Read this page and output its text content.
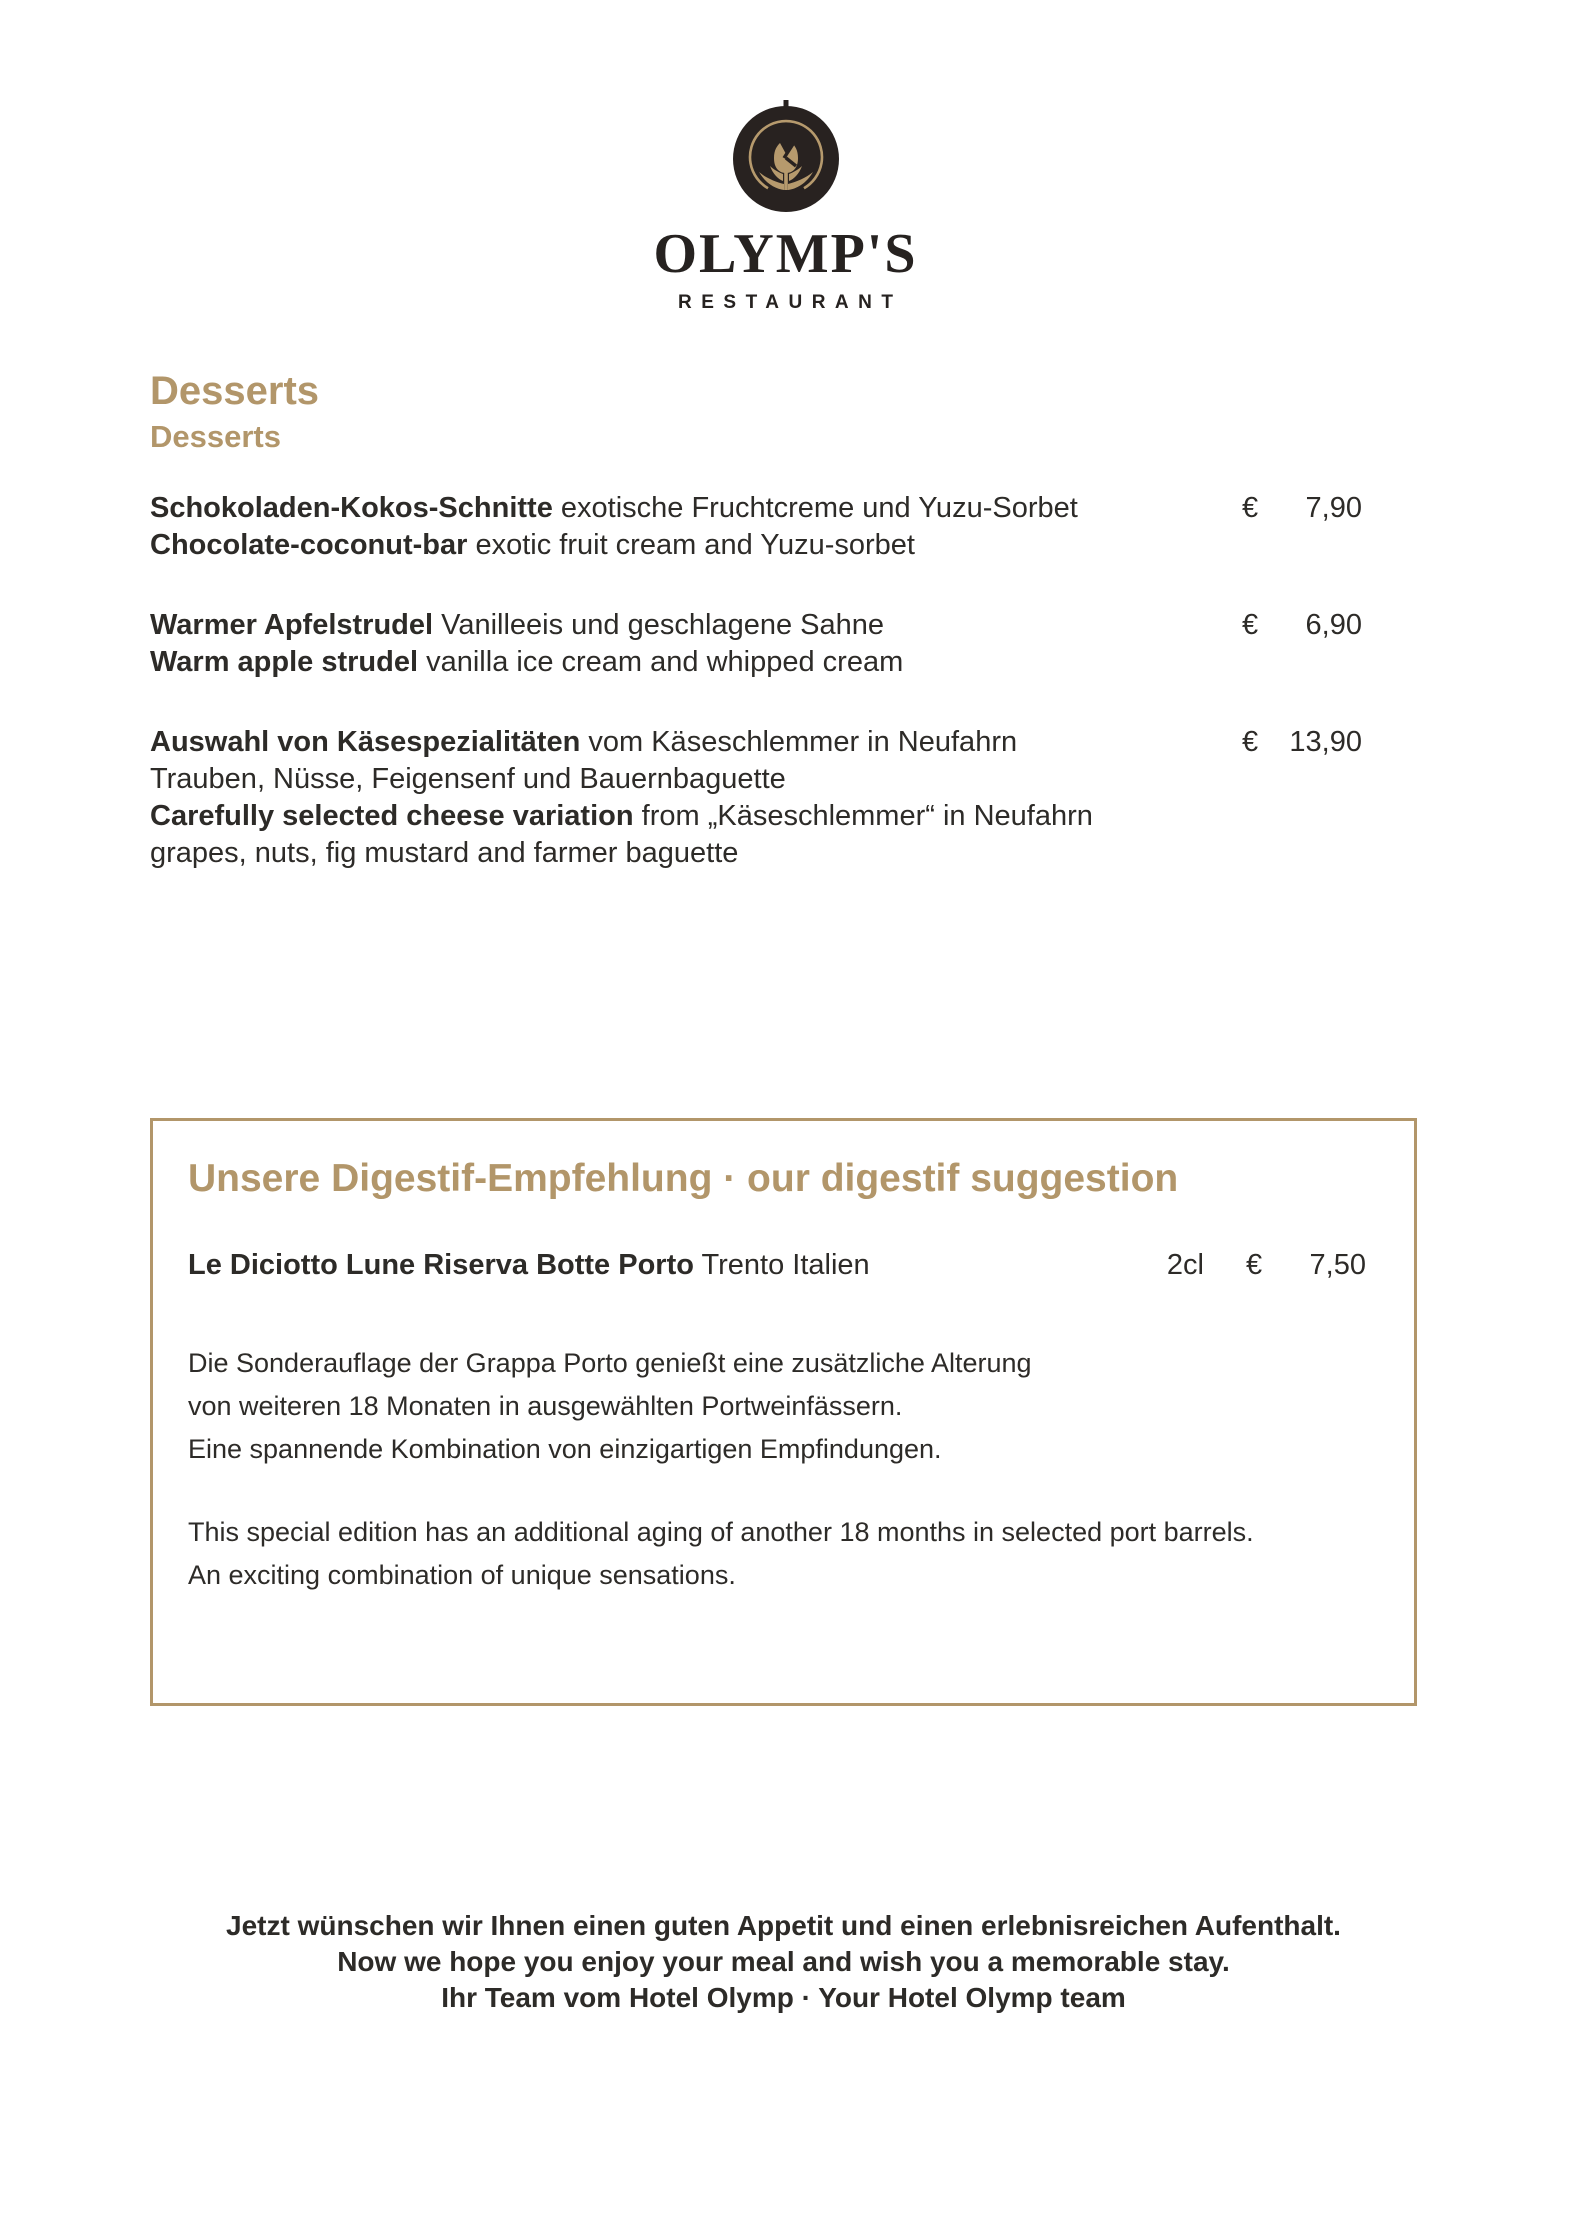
OLYMP'S
RESTAURANT
Desserts
Desserts
Schokoladen-Kokos-Schnitte exotische Fruchtcreme und Yuzu-Sorbet	€	7,90
Chocolate-coconut-bar exotic fruit cream and Yuzu-sorbet
Warmer Apfelstrudel Vanilleeis und geschlagene Sahne	€	6,90
Warm apple strudel vanilla ice cream and whipped cream
Auswahl von Käsespezialitäten vom Käseschlemmer in Neufahrn	€	13,90
Trauben, Nüsse, Feigensenf und Bauernbaguette
Carefully selected cheese variation from „Käseschlemmer“ in Neufahrn
grapes, nuts, fig mustard and farmer baguette
Unsere Digestif-Empfehlung · our digestif suggestion
Le Diciotto Lune Riserva Botte Porto Trento Italien	2cl €	7,50
Die Sonderauflage der Grappa Porto genießt eine zusätzliche Alterung
von weiteren 18 Monaten in ausgewählten Portweinfässern.
Eine spannende Kombination von einzigartigen Empfindungen.
This special edition has an additional aging of another 18 months in selected port barrels.
An exciting combination of unique sensations.
Jetzt wünschen wir Ihnen einen guten Appetit und einen erlebnisreichen Aufenthalt.
Now we hope you enjoy your meal and wish you a memorable stay.
Ihr Team vom Hotel Olymp · Your Hotel Olymp team
